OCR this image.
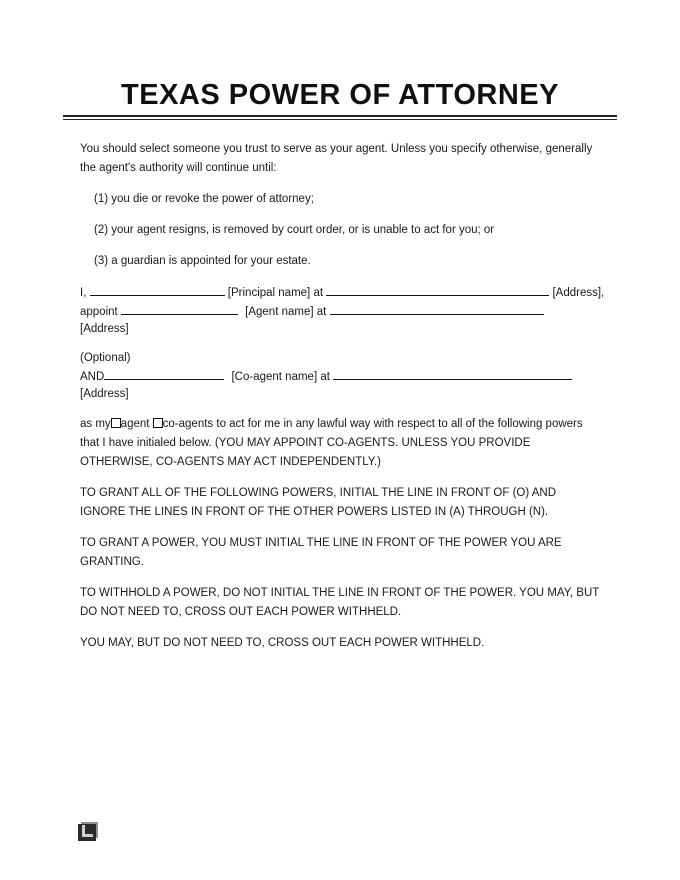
TEXAS POWER OF ATTORNEY

You should select someone you trust to serve as your agent. Unless you specify otherwise, generally the agent's authority will continue until:

(1) you die or revoke the power of attorney;

(2) your agent resigns, is removed by court order, or is unable to act for you; or

(3) a guardian is appointed for your estate.

I,	[Principal name] at	[Address],
appoint	[Agent name] at
[Address]
(Optional)
AND	[Co-agent name] at
[Address]

as my agent co-agents to act for me in any lawful way with respect to all of the following powers that I have initialed below. (YOU MAY APPOINT CO-AGENTS. UNLESS YOU PROVIDE OTHERWISE, CO-AGENTS MAY ACT INDEPENDENTLY.)

TO GRANT ALL OF THE FOLLOWING POWERS, INITIAL THE LINE IN FRONT OF (O) AND IGNORE THE LINES IN FRONT OF THE OTHER POWERS LISTED IN (A) THROUGH (N).

TO GRANT A POWER, YOU MUST INITIAL THE LINE IN FRONT OF THE POWER YOU ARE GRANTING.

TO WITHHOLD A POWER, DO NOT INITIAL THE LINE IN FRONT OF THE POWER. YOU MAY, BUT DO NOT NEED TO, CROSS OUT EACH POWER WITHHELD.

YOU MAY, BUT DO NOT NEED TO, CROSS OUT EACH POWER WITHHELD.
